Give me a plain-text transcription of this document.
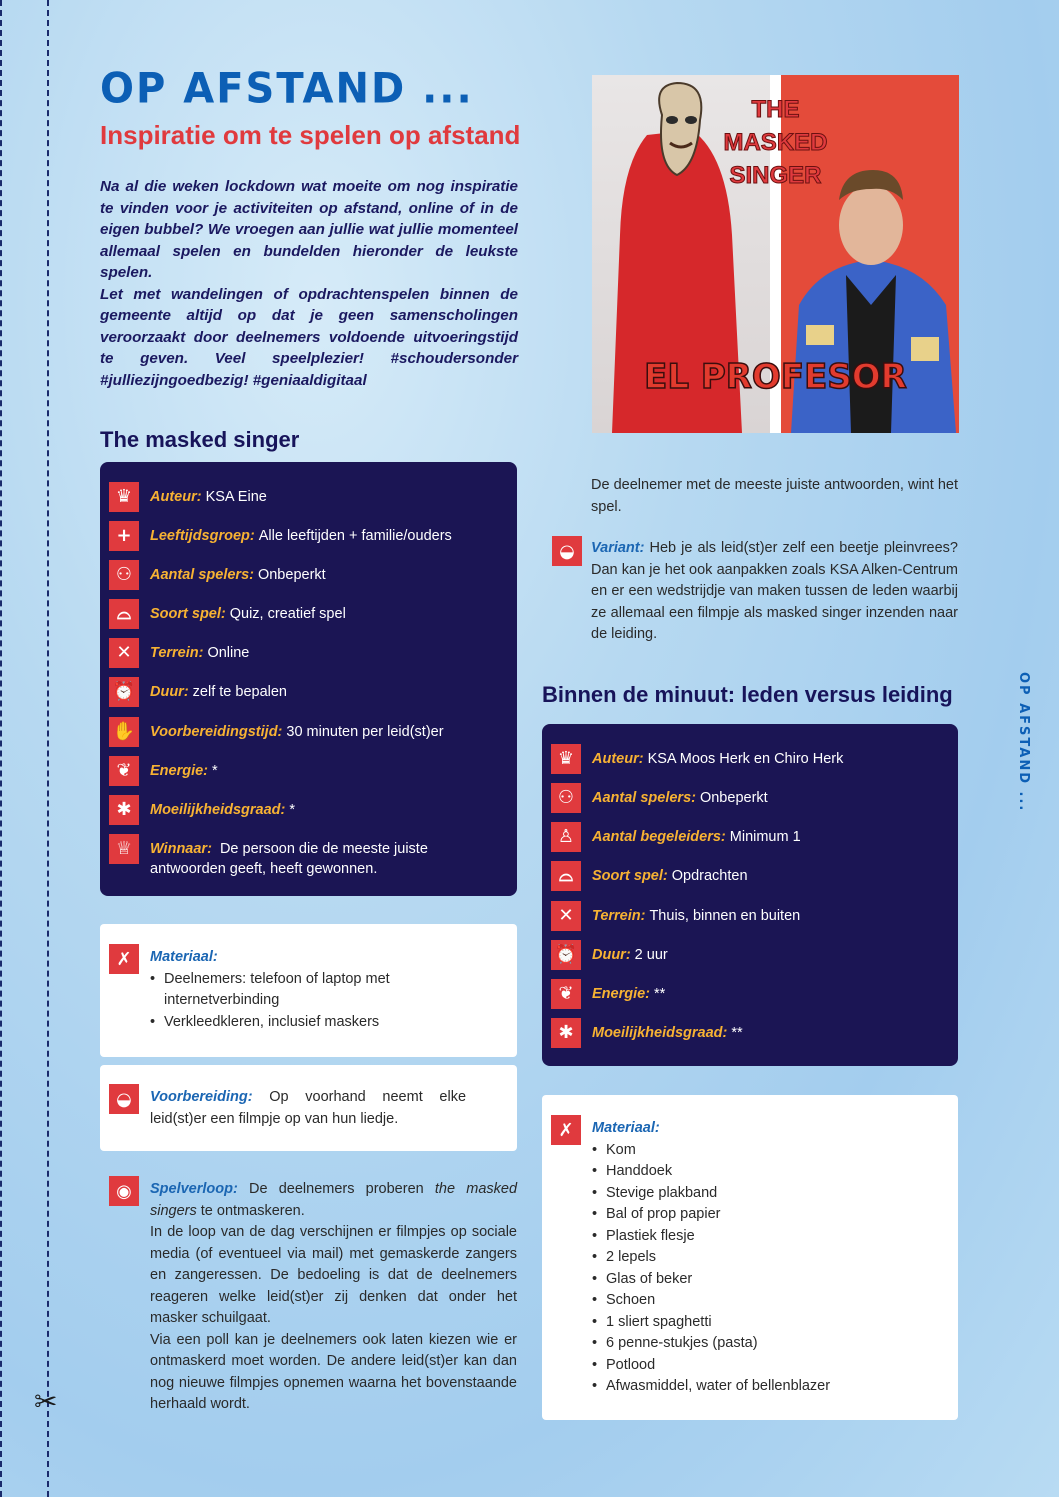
✂
OP AFSTAND ...
Inspiratie om te spelen op afstand

Na al die weken lockdown wat moeite om nog inspiratie te vinden voor je activiteiten op afstand, online of in de eigen bubbel? We vroegen aan jullie wat jullie momenteel allemaal spelen en bundelden hieronder de leukste spelen.

Let met wandelingen of opdrachtenspelen binnen de gemeente altijd op dat je geen samenscholingen veroorzaakt door deelnemers voldoende uitvoeringstijd te geven. Veel speelplezier! #schoudersonder #julliezijngoedbezig! #geniaaldigitaal

THE
MASKED
SINGER
EL PROFESOR
The masked singer
♛	Auteur: KSA Eine
+	Leeftijdsgroep: Alle leeftijden + familie/ouders
⚇	Aantal spelers: Onbeperkt
⌓	Soort spel: Quiz, creatief spel
✕	Terrein: Online
⏰ Duur: zelf te bepalen
✋ Voorbereidingstijd: 30 minuten per leid(st)er
❦	Energie: *
✱	Moeilijkheidsgraad: *
♕	Winnaar: De persoon die de meeste juiste antwoorden geeft, heeft gewonnen.
✗	Materiaal:
• Deelnemers: telefoon of laptop met internetverbinding
• Verkleedkleren, inclusief maskers
◒	Voorbereiding: Op voorhand neemt elke leid(st)er een filmpje op van hun liedje.
◉	Spelverloop: De deelnemers proberen the masked singers te ontmaskeren.
In de loop van de dag verschijnen er filmpjes op sociale media (of eventueel via mail) met gemaskerde zangers en zangeressen. De bedoeling is dat de deelnemers reageren welke leid(st)er zij denken dat onder het masker schuilgaat.
Via een poll kan je deelnemers ook laten kiezen wie er ontmaskerd moet worden. De andere leid(st)er kan dan nog nieuwe filmpjes opnemen waarna het bovenstaande herhaald wordt.
De deelnemer met de meeste juiste antwoorden, wint het spel.
◒	Variant: Heb je als leid(st)er zelf een beetje pleinvrees? Dan kan je het ook aanpakken zoals KSA Alken-Centrum en er een wedstrijdje van maken tussen de leden waarbij ze allemaal een filmpje als masked singer inzenden naar de leiding.
Binnen de minuut: leden versus leiding
♛	Auteur: KSA Moos Herk en Chiro Herk
⚇	Aantal spelers: Onbeperkt
♙	Aantal begeleiders: Minimum 1
⌓	Soort spel: Opdrachten
✕	Terrein: Thuis, binnen en buiten
⏰ Duur: 2 uur
❦	Energie: **
✱	Moeilijkheidsgraad: **
✗	Materiaal:
• Kom
• Handdoek
• Stevige plakband
• Bal of prop papier
• Plastiek flesje
• 2 lepels
• Glas of beker
• Schoen
• 1 sliert spaghetti
• 6 penne-stukjes (pasta)
• Potlood
• Afwasmiddel, water of bellenblazer
OP AFSTAND ...
